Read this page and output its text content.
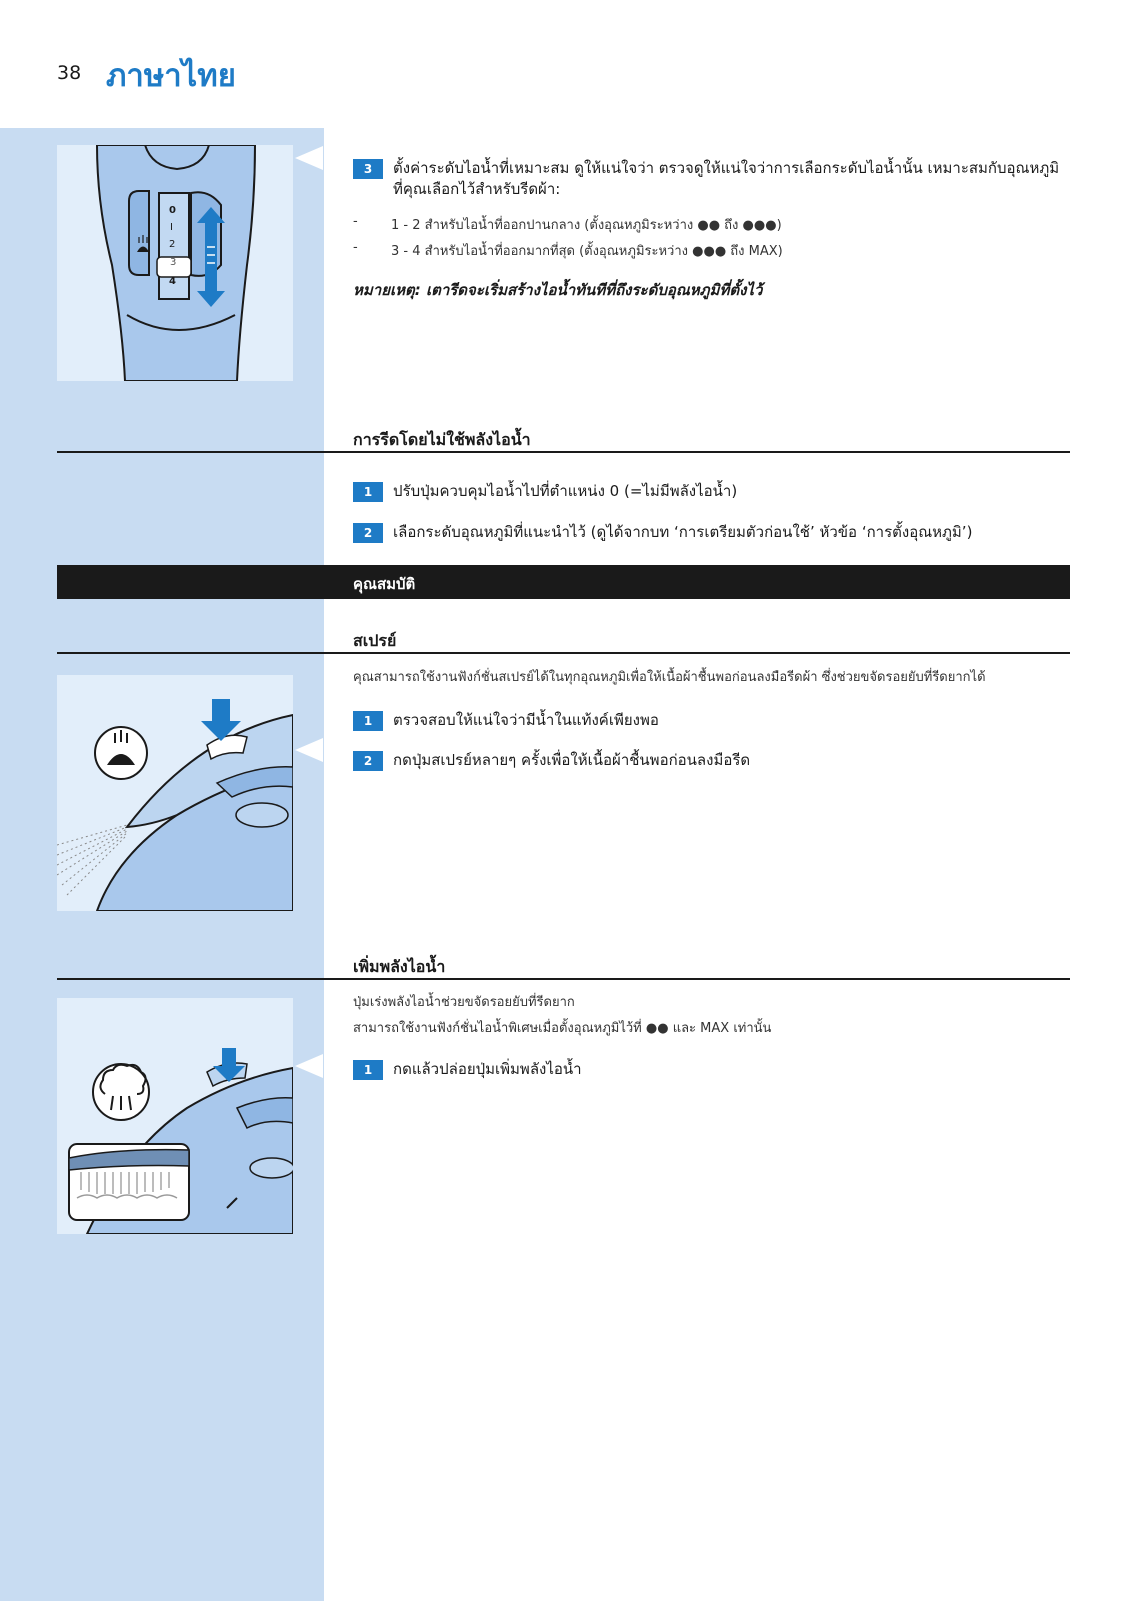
38 ภาษาไทย
0
I
2
3
4
3	ตั้งค่าระดับไอน้ำที่เหมาะสม ดูให้แน่ใจว่า ตรวจดูให้แน่ใจว่าการเลือกระดับไอน้ำนั้น เหมาะสมกับอุณหภูมิ
ที่คุณเลือกไว้สำหรับรีดผ้า:
-	1 - 2 สำหรับไอน้ำที่ออกปานกลาง (ตั้งอุณหภูมิระหว่าง ●● ถึง ●●●)
-	3 - 4 สำหรับไอน้ำที่ออกมากที่สุด (ตั้งอุณหภูมิระหว่าง ●●● ถึง MAX)
หมายเหตุ: เตารีดจะเริ่มสร้างไอน้ำทันทีที่ถึงระดับอุณหภูมิที่ตั้งไว้
การรีดโดยไม่ใช้พลังไอน้ำ
1	ปรับปุ่มควบคุมไอน้ำไปที่ตำแหน่ง 0 (=ไม่มีพลังไอน้ำ)
2	เลือกระดับอุณหภูมิที่แนะนำไว้ (ดูได้จากบท ‘การเตรียมตัวก่อนใช้’ หัวข้อ ‘การตั้งอุณหภูมิ’)
คุณสมบัติ
สเปรย์
คุณสามารถใช้งานฟังก์ชั่นสเปรย์ได้ในทุกอุณหภูมิเพื่อให้เนื้อผ้าชื้นพอก่อนลงมือรีดผ้า ซึ่งช่วยขจัดรอยยับที่รีดยากได้
1	ตรวจสอบให้แน่ใจว่ามีน้ำในแท้งค์เพียงพอ
2	กดปุ่มสเปรย์หลายๆ ครั้งเพื่อให้เนื้อผ้าชื้นพอก่อนลงมือรีด
เพิ่มพลังไอน้ำ
ปุ่มเร่งพลังไอน้ำช่วยขจัดรอยยับที่รีดยาก
สามารถใช้งานฟังก์ชั่นไอน้ำพิเศษเมื่อตั้งอุณหภูมิไว้ที่ ●● และ MAX เท่านั้น
1	กดแล้วปล่อยปุ่มเพิ่มพลังไอน้ำ
